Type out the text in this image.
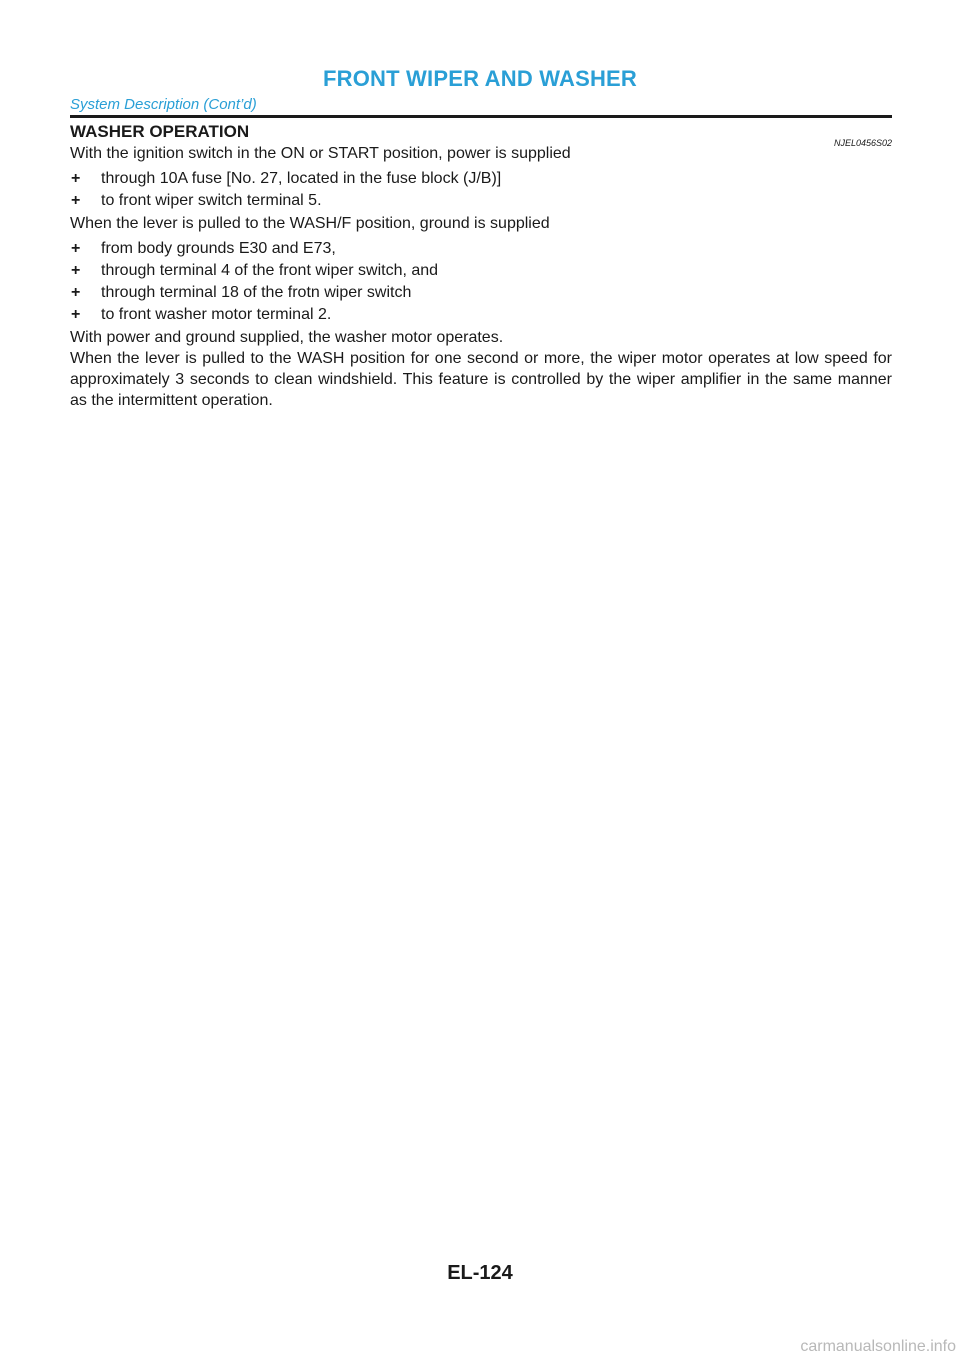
FRONT WIPER AND WASHER
System Description (Cont’d)
WASHER OPERATION
NJEL0456S02

With the ignition switch in the ON or START position, power is supplied

+ through 10A fuse [No. 27, located in the fuse block (J/B)]
+ to front wiper switch terminal 5.

When the lever is pulled to the WASH/F position, ground is supplied

+ from body grounds E30 and E73,
+ through terminal 4 of the front wiper switch, and
+ through terminal 18 of the frotn wiper switch
+ to front washer motor terminal 2.

With power and ground supplied, the washer motor operates.

When the lever is pulled to the WASH position for one second or more, the wiper motor operates at low speed for approximately 3 seconds to clean windshield. This feature is controlled by the wiper amplifier in the same manner as the intermittent operation.

EL-124
carmanualsonline.info
